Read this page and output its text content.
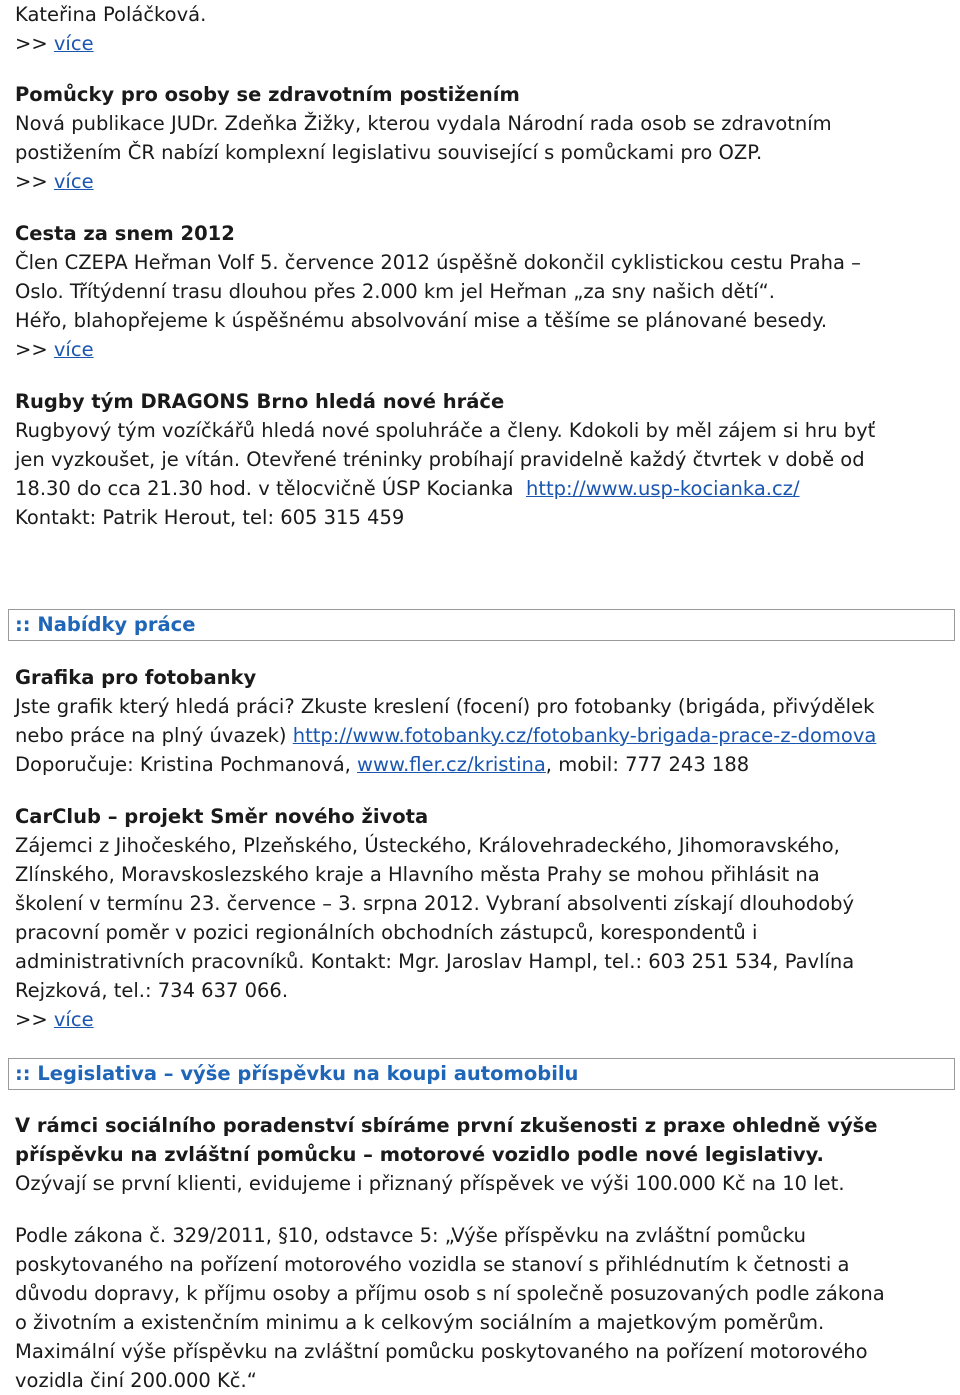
Kateřina Poláčková.
>> více
Pomůcky pro osoby se zdravotním postižením
Nová publikace JUDr. Zdeňka Žižky, kterou vydala Národní rada osob se zdravotním
postižením ČR nabízí komplexní legislativu související s pomůckami pro OZP.
>> více
Cesta za snem 2012
Člen CZEPA Heřman Volf 5. července 2012 úspěšně dokončil cyklistickou cestu Praha –
Oslo. Třítýdenní trasu dlouhou přes 2.000 km jel Heřman „za sny našich dětí“.
Héřo, blahopřejeme k úspěšnému absolvování mise a těšíme se plánované besedy.
>> více
Rugby tým DRAGONS Brno hledá nové hráče
Rugbyový tým vozíčkářů hledá nové spoluhráče a členy. Kdokoli by měl zájem si hru byť
jen vyzkoušet, je vítán. Otevřené tréninky probíhají pravidelně každý čtvrtek v době od
18.30 do cca 21.30 hod. v tělocvičně ÚSP Kocianka  http://www.usp-kocianka.cz/
Kontakt: Patrik Herout, tel: 605 315 459
:: Nabídky práce
Grafika pro fotobanky
Jste grafik který hledá práci? Zkuste kreslení (focení) pro fotobanky (brigáda, přivýdělek
nebo práce na plný úvazek) http://www.fotobanky.cz/fotobanky-brigada-prace-z-domova
Doporučuje: Kristina Pochmanová, www.fler.cz/kristina, mobil: 777 243 188
CarClub – projekt Směr nového života
Zájemci z Jihočeského, Plzeňského, Ústeckého, Královehradeckého, Jihomoravského,
Zlínského, Moravskoslezského kraje a Hlavního města Prahy se mohou přihlásit na
školení v termínu 23. července – 3. srpna 2012. Vybraní absolventi získají dlouhodobý
pracovní poměr v pozici regionálních obchodních zástupců, korespondentů i
administrativních pracovníků. Kontakt: Mgr. Jaroslav Hampl, tel.: 603 251 534, Pavlína
Rejzková, tel.: 734 637 066.
>> více
:: Legislativa – výše příspěvku na koupi automobilu
V rámci sociálního poradenství sbíráme první zkušenosti z praxe ohledně výše
příspěvku na zvláštní pomůcku – motorové vozidlo podle nové legislativy.
Ozývají se první klienti, evidujeme i přiznaný příspěvek ve výši 100.000 Kč na 10 let.
Podle zákona č. 329/2011, §10, odstavce 5: „Výše příspěvku na zvláštní pomůcku
poskytovaného na pořízení motorového vozidla se stanoví s přihlédnutím k četnosti a
důvodu dopravy, k příjmu osoby a příjmu osob s ní společně posuzovaných podle zákona
o životním a existenčním minimu a k celkovým sociálním a majetkovým poměrům.
Maximální výše příspěvku na zvláštní pomůcku poskytovaného na pořízení motorového
vozidla činí 200.000 Kč.“
